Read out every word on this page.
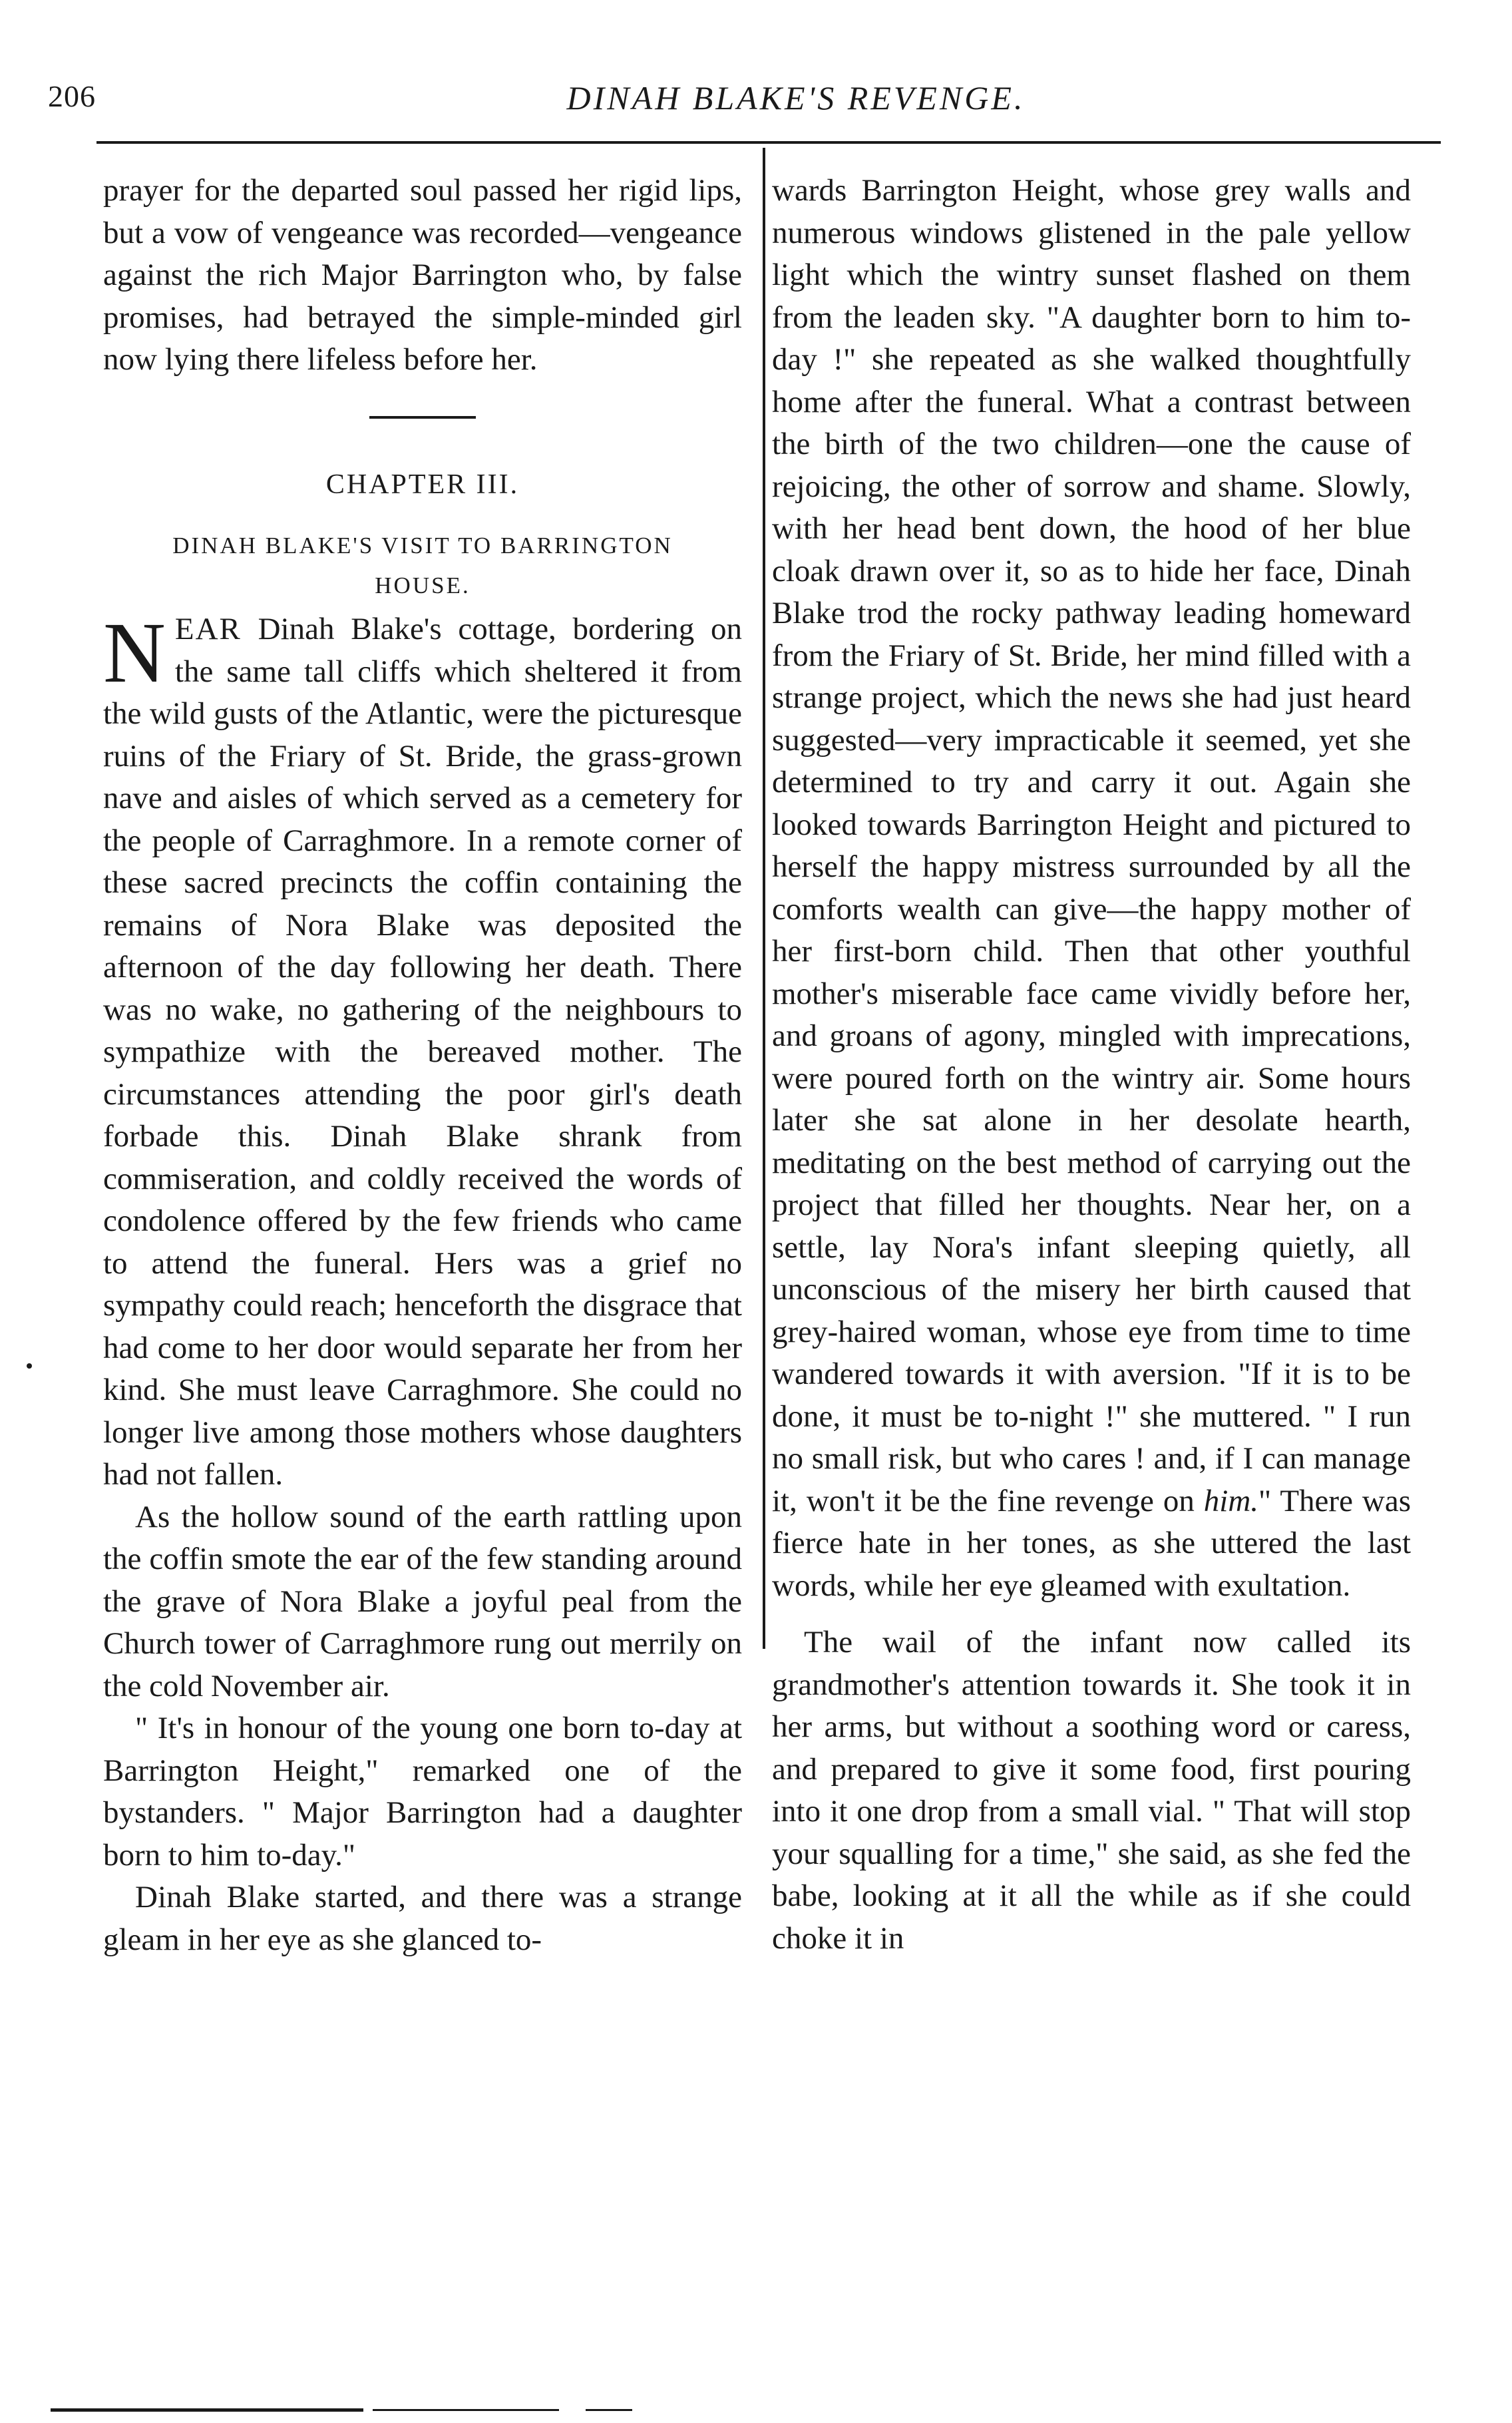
206	DINAH BLAKE'S REVENGE.

prayer for the departed soul passed her rigid lips, but a vow of vengeance was recorded—vengeance against the rich Major Barrington who, by false promises, had betrayed the simple-minded girl now lying there lifeless before her.

CHAPTER III.
DINAH BLAKE'S VISIT TO BARRINGTON HOUSE.

NEAR Dinah Blake's cottage, bordering on the same tall cliffs which sheltered it from the wild gusts of the Atlantic, were the picturesque ruins of the Friary of St. Bride, the grass-grown nave and aisles of which served as a cemetery for the people of Carraghmore. In a remote corner of these sacred precincts the coffin containing the remains of Nora Blake was deposited the afternoon of the day following her death. There was no wake, no gathering of the neighbours to sympathize with the bereaved mother. The circumstances attending the poor girl's death forbade this. Dinah Blake shrank from commiseration, and coldly received the words of condolence offered by the few friends who came to attend the funeral. Hers was a grief no sympathy could reach; henceforth the disgrace that had come to her door would separate her from her kind. She must leave Carraghmore. She could no longer live among those mothers whose daughters had not fallen.

As the hollow sound of the earth rattling upon the coffin smote the ear of the few standing around the grave of Nora Blake a joyful peal from the Church tower of Carraghmore rung out merrily on the cold November air.

" It's in honour of the young one born to-day at Barrington Height," remarked one of the bystanders. " Major Barrington had a daughter born to him to-day."

Dinah Blake started, and there was a strange gleam in her eye as she glanced to-

wards Barrington Height, whose grey walls and numerous windows glistened in the pale yellow light which the wintry sunset flashed on them from the leaden sky. "A daughter born to him to-day !" she repeated as she walked thoughtfully home after the funeral. What a contrast between the birth of the two children—one the cause of rejoicing, the other of sorrow and shame. Slowly, with her head bent down, the hood of her blue cloak drawn over it, so as to hide her face, Dinah Blake trod the rocky pathway leading homeward from the Friary of St. Bride, her mind filled with a strange project, which the news she had just heard suggested—very impracticable it seemed, yet she determined to try and carry it out. Again she looked towards Barrington Height and pictured to herself the happy mistress surrounded by all the comforts wealth can give—the happy mother of her first-born child. Then that other youthful mother's miserable face came vividly before her, and groans of agony, mingled with imprecations, were poured forth on the wintry air. Some hours later she sat alone in her desolate hearth, meditating on the best method of carrying out the project that filled her thoughts. Near her, on a settle, lay Nora's infant sleeping quietly, all unconscious of the misery her birth caused that grey-haired woman, whose eye from time to time wandered towards it with aversion. "If it is to be done, it must be to-night !" she muttered. " I run no small risk, but who cares ! and, if I can manage it, won't it be the fine revenge on him." There was fierce hate in her tones, as she uttered the last words, while her eye gleamed with exultation.

The wail of the infant now called its grandmother's attention towards it. She took it in her arms, but without a soothing word or caress, and prepared to give it some food, first pouring into it one drop from a small vial. " That will stop your squalling for a time," she said, as she fed the babe, looking at it all the while as if she could choke it in
